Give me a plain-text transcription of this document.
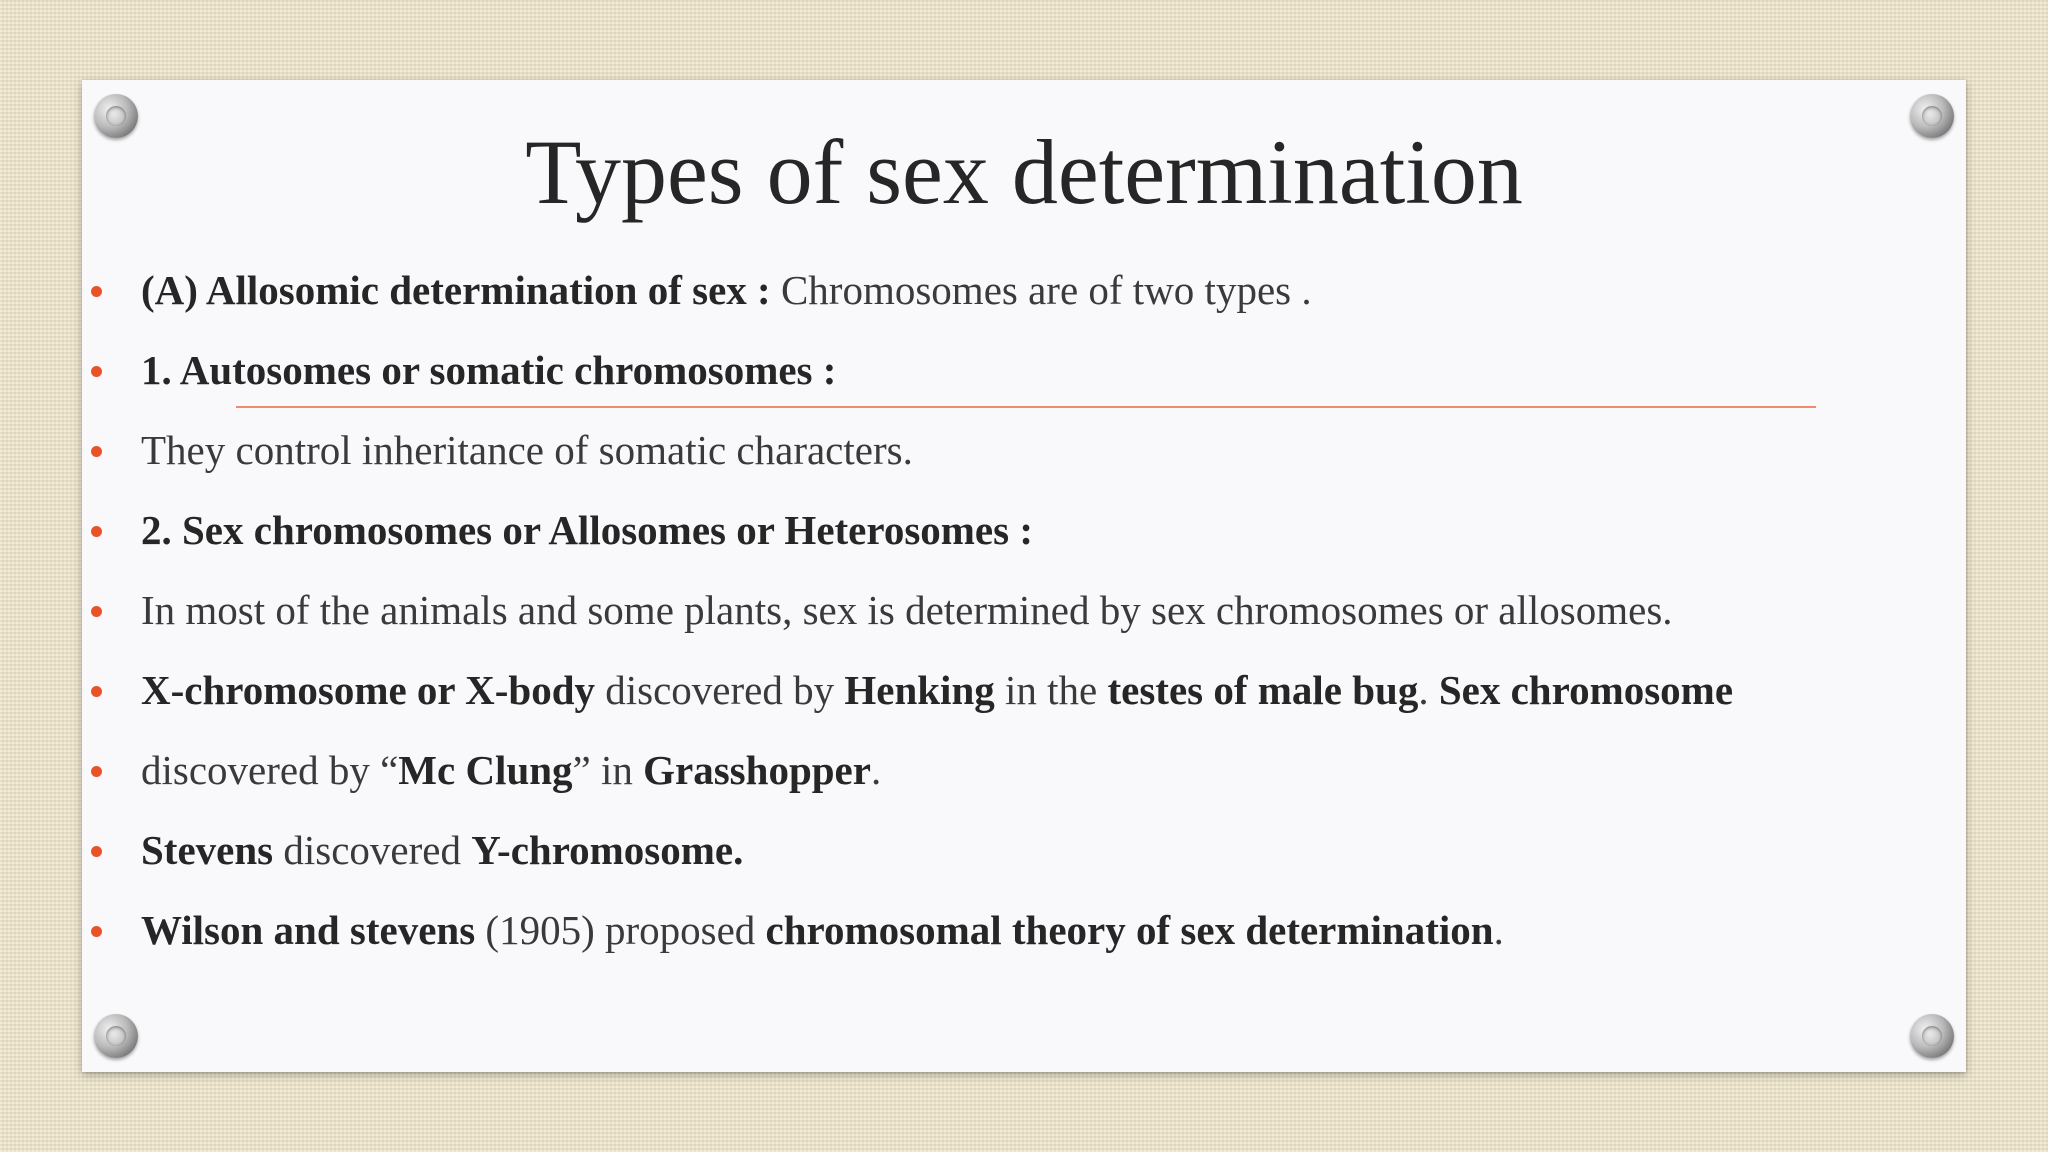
Types of sex determination
(A) Allosomic determination of sex : Chromosomes are of two types .
1. Autosomes or somatic chromosomes :
They control inheritance of somatic characters.
2. Sex chromosomes or Allosomes or Heterosomes :
In most of the animals and some plants, sex is determined by sex chromosomes or allosomes.
X-chromosome or X-body discovered by Henking in the testes of male bug. Sex chromosome
discovered by “Mc Clung” in Grasshopper.
Stevens discovered Y-chromosome.
Wilson and stevens (1905) proposed chromosomal theory of sex determination.
